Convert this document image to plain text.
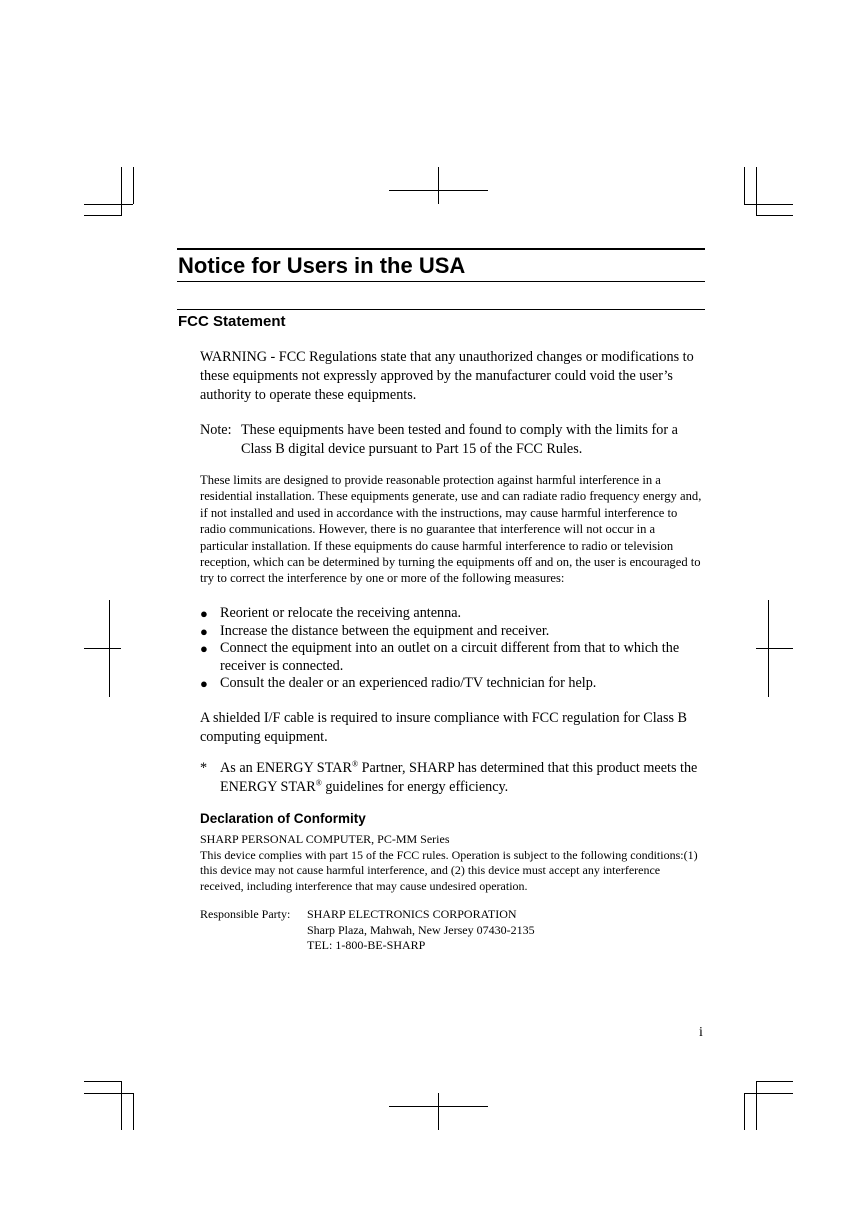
Notice for Users in the USA
FCC Statement
WARNING - FCC Regulations state that any unauthorized changes or modifications to these equipments not expressly approved by the manufacturer could void the user’s authority to operate these equipments.
Note: These equipments have been tested and found to comply with the limits for a Class B digital device pursuant to Part 15 of the FCC Rules.
These limits are designed to provide reasonable protection against harmful interference in a residential installation. These equipments generate, use and can radiate radio frequency energy and, if not installed and used in accordance with the instructions, may cause harmful interference to radio communications. However, there is no guarantee that interference will not occur in a particular installation. If these equipments do cause harmful interference to radio or television reception, which can be determined by turning the equipments off and on, the user is encouraged to try to correct the interference by one or more of the following measures:
● Reorient or relocate the receiving antenna.
● Increase the distance between the equipment and receiver.
● Connect the equipment into an outlet on a circuit different from that to which the receiver is connected.
● Consult the dealer or an experienced radio/TV technician for help.
A shielded I/F cable is required to insure compliance with FCC regulation for Class B computing equipment.
* As an ENERGY STAR® Partner, SHARP has determined that this product meets the ENERGY STAR® guidelines for energy efficiency.
Declaration of Conformity
SHARP PERSONAL COMPUTER, PC-MM Series
This device complies with part 15 of the FCC rules. Operation is subject to the following conditions:(1) this device may not cause harmful interference, and (2) this device must accept any interference received, including interference that may cause undesired operation.
Responsible Party: SHARP ELECTRONICS CORPORATION
Sharp Plaza, Mahwah, New Jersey 07430-2135
TEL: 1-800-BE-SHARP
i
